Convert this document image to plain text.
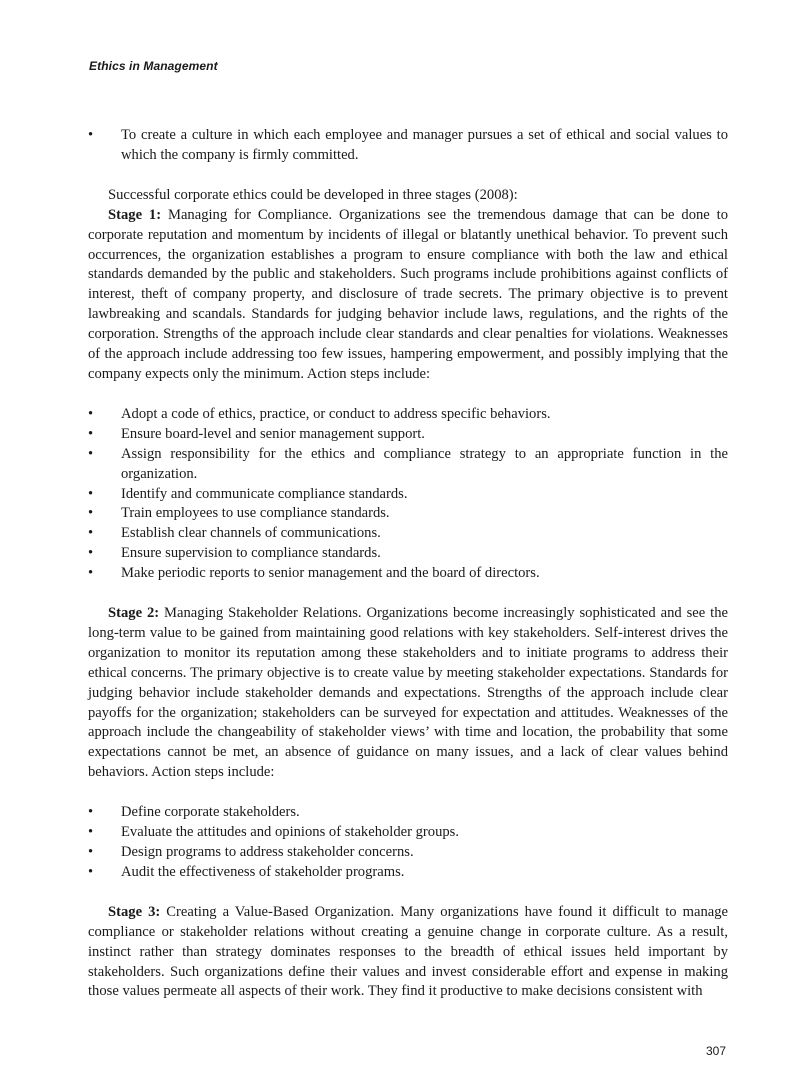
Ethics in Management
•	To create a culture in which each employee and manager pursues a set of ethical and social values to which the company is firmly committed.

Successful corporate ethics could be developed in three stages (2008):

Stage 1: Managing for Compliance. Organizations see the tremendous damage that can be done to corporate reputation and momentum by incidents of illegal or blatantly unethical behavior. To prevent such occurrences, the organization establishes a program to ensure compliance with both the law and ethical standards demanded by the public and stakeholders. Such programs include prohibitions against conflicts of interest, theft of company property, and disclosure of trade secrets. The primary objective is to prevent lawbreaking and scandals. Standards for judging behavior include laws, regulations, and the rights of the corporation. Strengths of the approach include clear standards and clear penalties for violations. Weaknesses of the approach include addressing too few issues, hampering empowerment, and possibly implying that the company expects only the minimum. Action steps include:

•	Adopt a code of ethics, practice, or conduct to address specific behaviors.
•	Ensure board-level and senior management support.
•	Assign responsibility for the ethics and compliance strategy to an appropriate function in the organization.
•	Identify and communicate compliance standards.
•	Train employees to use compliance standards.
•	Establish clear channels of communications.
•	Ensure supervision to compliance standards.
•	Make periodic reports to senior management and the board of directors.

Stage 2: Managing Stakeholder Relations. Organizations become increasingly sophisticated and see the long-term value to be gained from maintaining good relations with key stakeholders. Self-interest drives the organization to monitor its reputation among these stakeholders and to initiate programs to address their ethical concerns. The primary objective is to create value by meeting stakeholder expectations. Standards for judging behavior include stakeholder demands and expectations. Strengths of the approach include clear payoffs for the organization; stakeholders can be surveyed for expectation and attitudes. Weaknesses of the approach include the changeability of stakeholder views’ with time and location, the probability that some expectations cannot be met, an absence of guidance on many issues, and a lack of clear values behind behaviors. Action steps include:

•	Define corporate stakeholders.
•	Evaluate the attitudes and opinions of stakeholder groups.
•	Design programs to address stakeholder concerns.
•	Audit the effectiveness of stakeholder programs.

Stage 3: Creating a Value-Based Organization. Many organizations have found it difficult to manage compliance or stakeholder relations without creating a genuine change in corporate culture. As a result, instinct rather than strategy dominates responses to the breadth of ethical issues held important by stakeholders. Such organizations define their values and invest considerable effort and expense in making those values permeate all aspects of their work. They find it productive to make decisions consistent with

307
